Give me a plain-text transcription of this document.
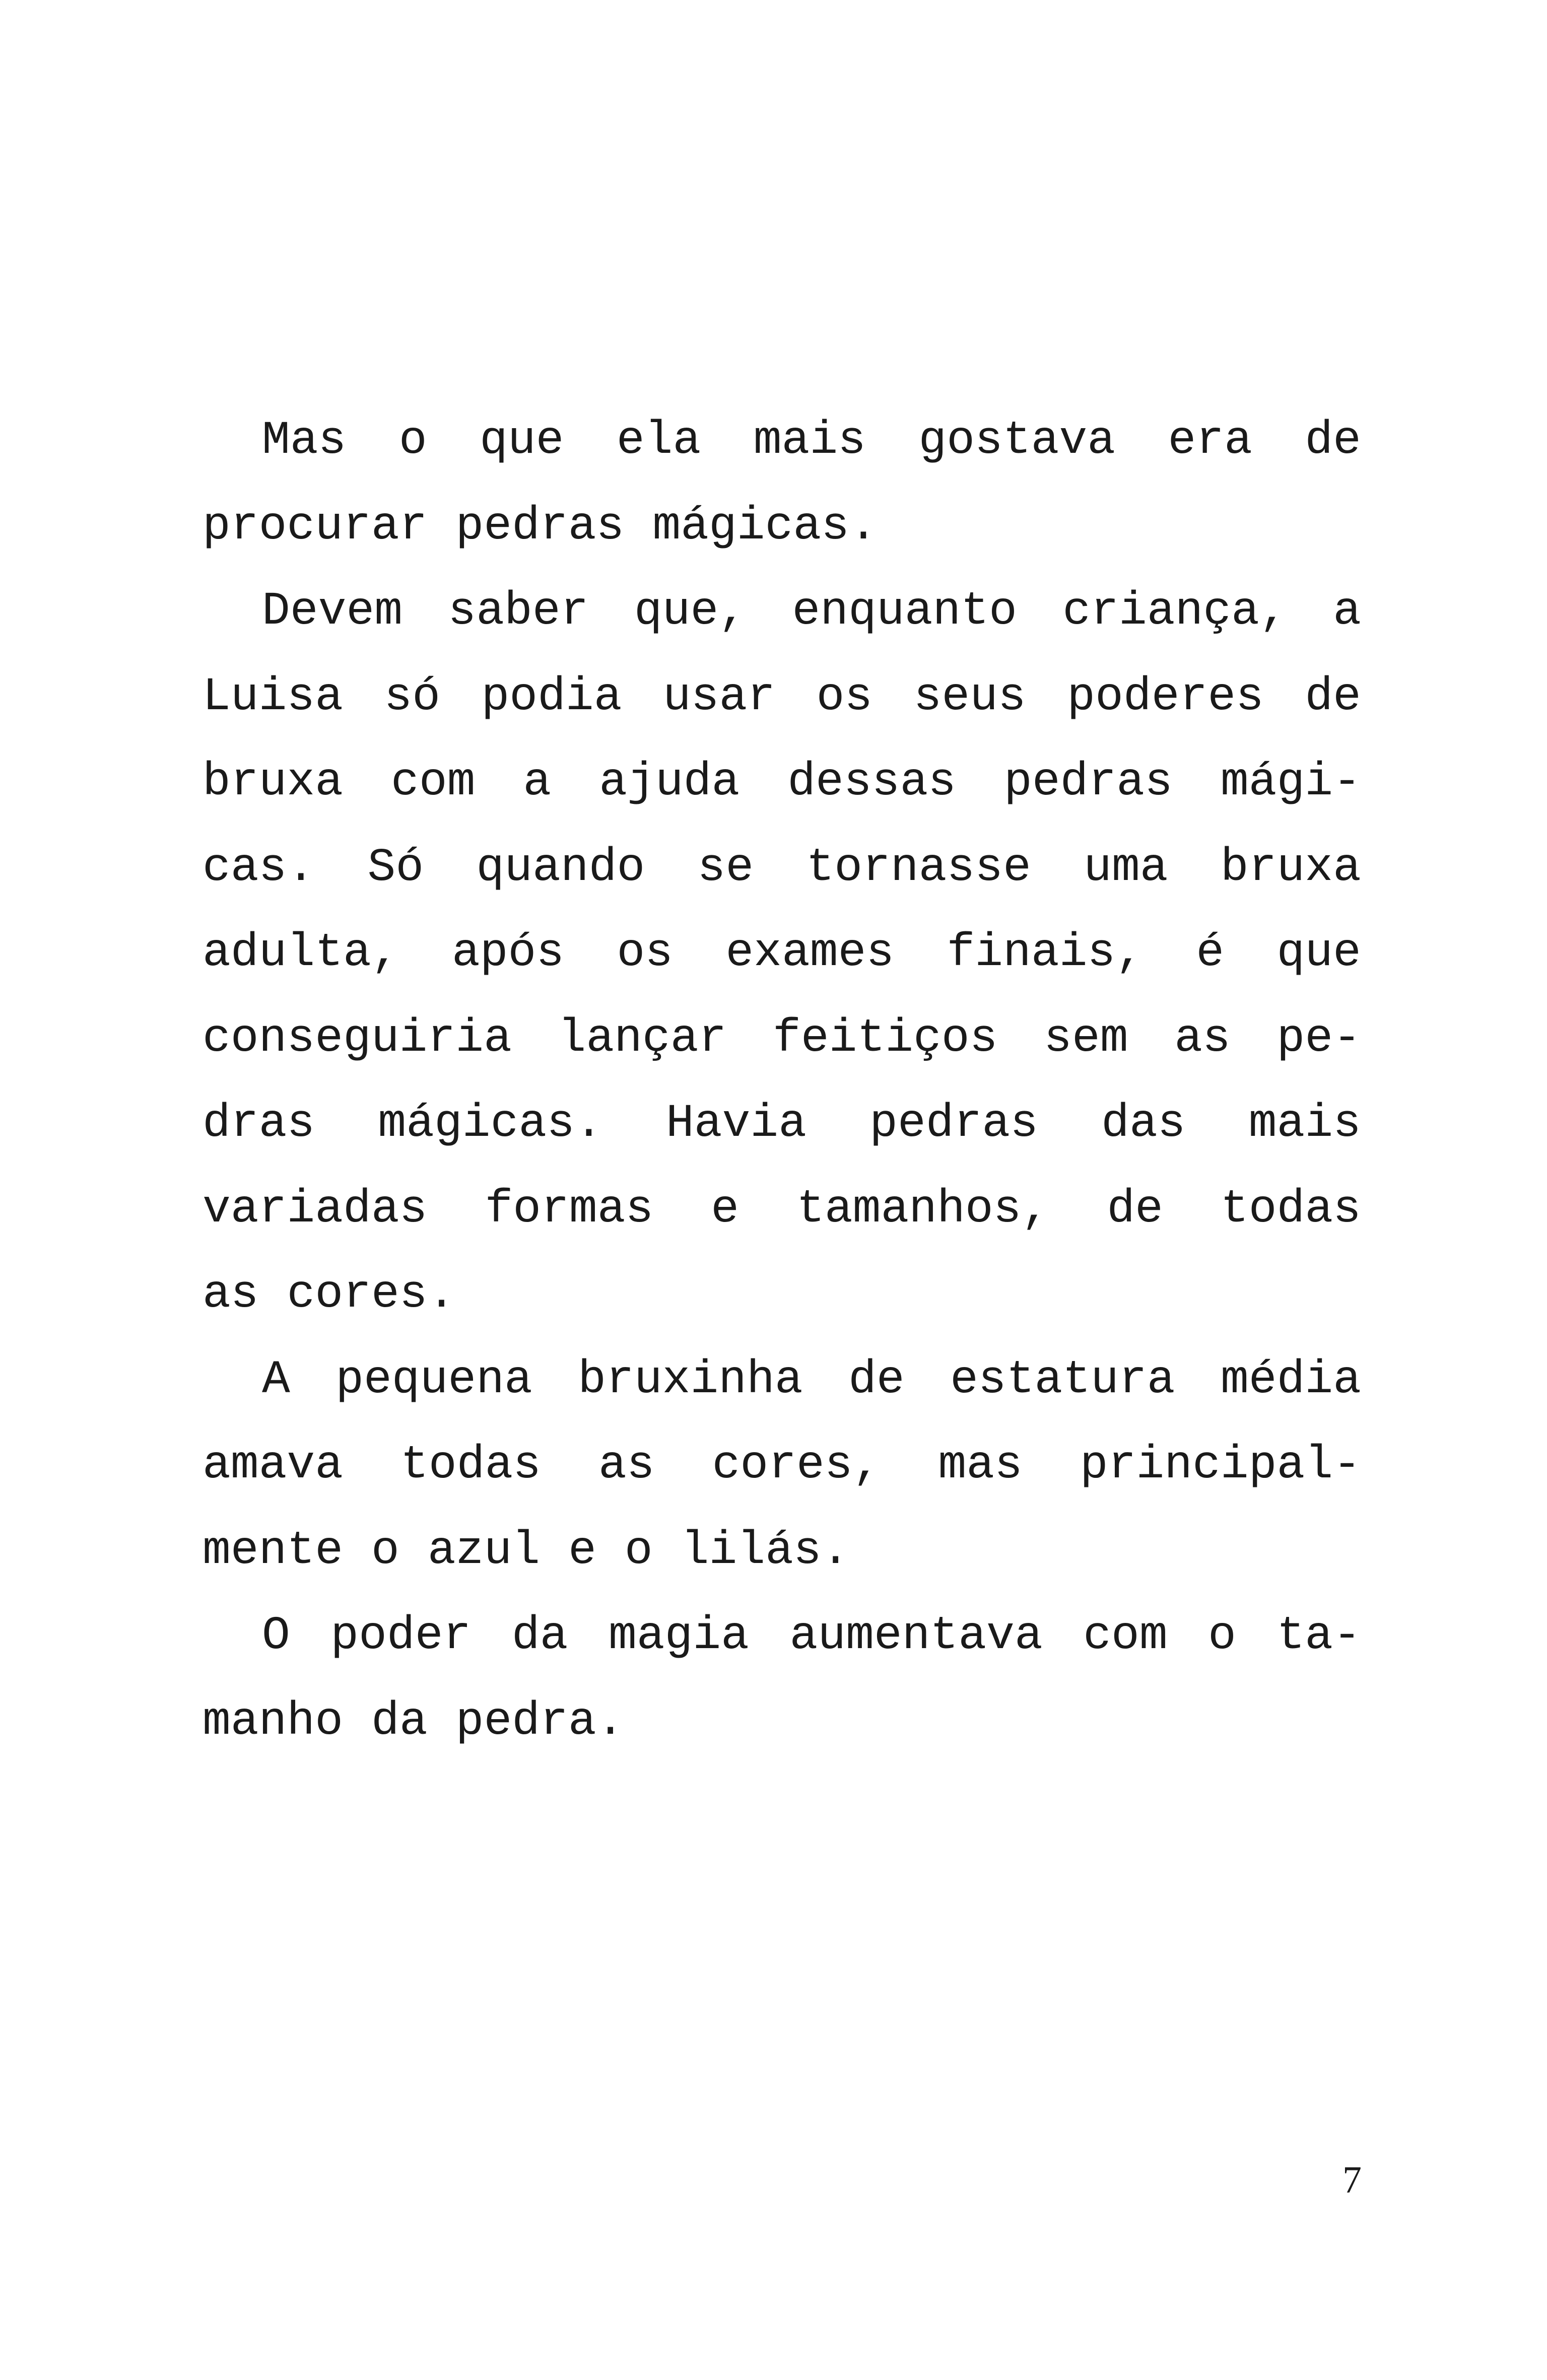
Mas o que ela mais gostava era de
procurar pedras mágicas.
Devem saber que, enquanto criança, a
Luisa só podia usar os seus poderes de
bruxa com a ajuda dessas pedras mági-
cas. Só quando se tornasse uma bruxa
adulta, após os exames finais, é que
conseguiria lançar feitiços sem as pe-
dras mágicas. Havia pedras das mais
variadas formas e tamanhos, de todas
as cores.
A pequena bruxinha de estatura média
amava todas as cores, mas principal-
mente o azul e o lilás.
O poder da magia aumentava com o ta-
manho da pedra.
7
